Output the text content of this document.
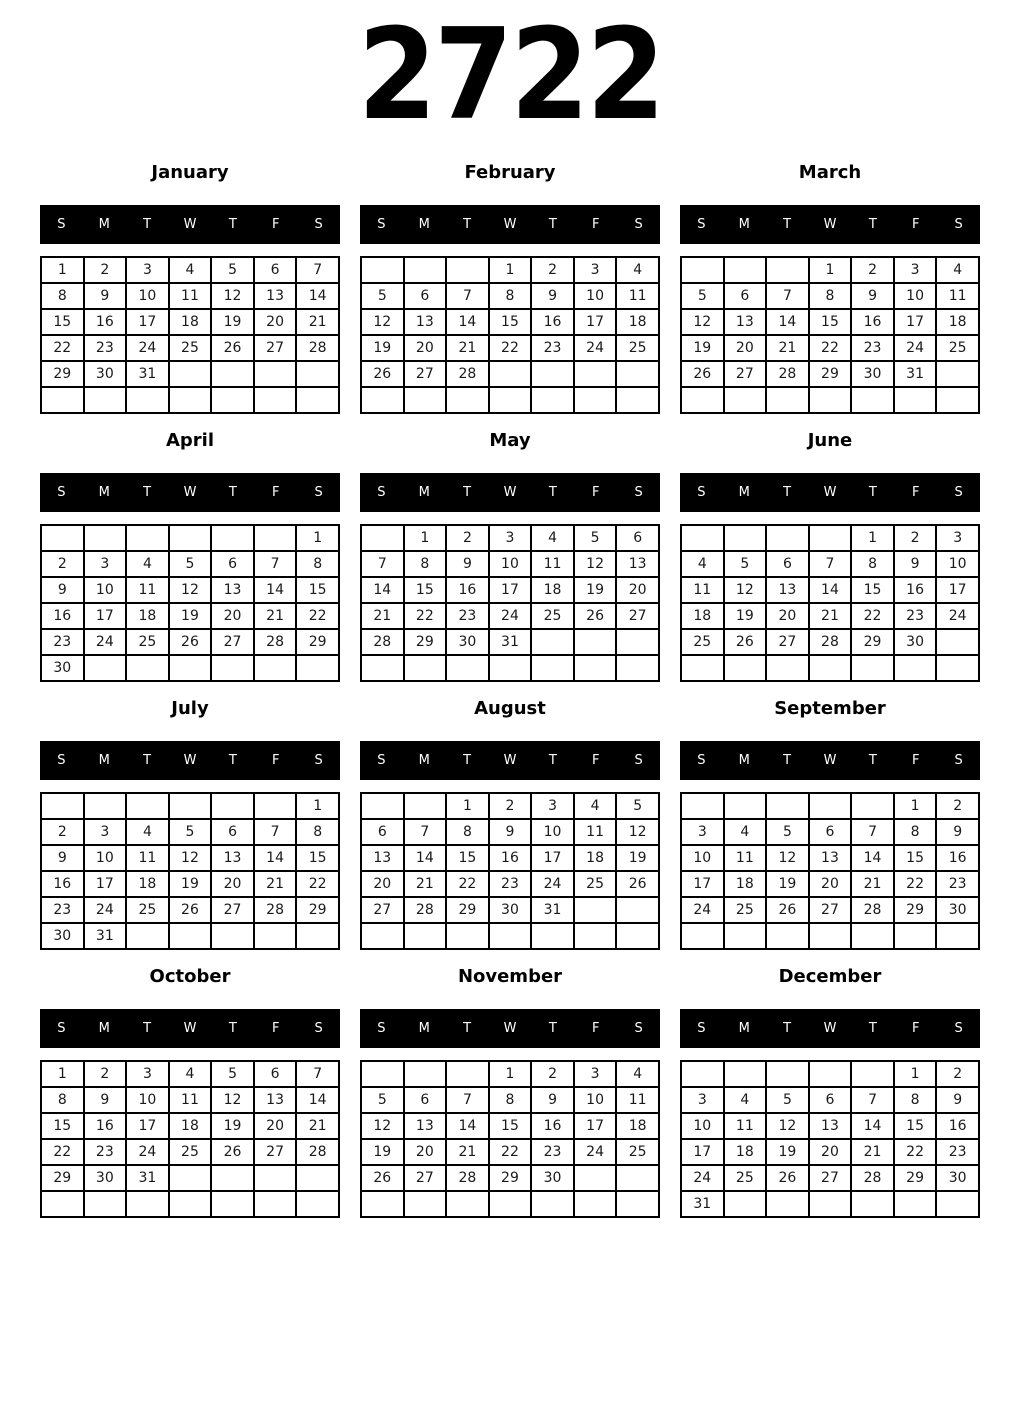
2722
January
S	M	T	W	T	F	S
1	2	3	4	5	6	7
8	9	10	11	12	13	14
15	16	17	18	19	20	21
22	23	24	25	26	27	28
29	30	31				

February
S	M	T	W	T	F	S
			1	2	3	4
5	6	7	8	9	10	11
12	13	14	15	16	17	18
19	20	21	22	23	24	25
26	27	28				

March
S	M	T	W	T	F	S
			1	2	3	4
5	6	7	8	9	10	11
12	13	14	15	16	17	18
19	20	21	22	23	24	25
26	27	28	29	30	31	

April
S	M	T	W	T	F	S
						1
2	3	4	5	6	7	8
9	10	11	12	13	14	15
16	17	18	19	20	21	22
23	24	25	26	27	28	29
30						
May
S	M	T	W	T	F	S
	1	2	3	4	5	6
7	8	9	10	11	12	13
14	15	16	17	18	19	20
21	22	23	24	25	26	27
28	29	30	31			

June
S	M	T	W	T	F	S
				1	2	3
4	5	6	7	8	9	10
11	12	13	14	15	16	17
18	19	20	21	22	23	24
25	26	27	28	29	30	

July
S	M	T	W	T	F	S
						1
2	3	4	5	6	7	8
9	10	11	12	13	14	15
16	17	18	19	20	21	22
23	24	25	26	27	28	29
30	31					
August
S	M	T	W	T	F	S
		1	2	3	4	5
6	7	8	9	10	11	12
13	14	15	16	17	18	19
20	21	22	23	24	25	26
27	28	29	30	31		

September
S	M	T	W	T	F	S
					1	2
3	4	5	6	7	8	9
10	11	12	13	14	15	16
17	18	19	20	21	22	23
24	25	26	27	28	29	30

October
S	M	T	W	T	F	S
1	2	3	4	5	6	7
8	9	10	11	12	13	14
15	16	17	18	19	20	21
22	23	24	25	26	27	28
29	30	31				

November
S	M	T	W	T	F	S
			1	2	3	4
5	6	7	8	9	10	11
12	13	14	15	16	17	18
19	20	21	22	23	24	25
26	27	28	29	30		

December
S	M	T	W	T	F	S
					1	2
3	4	5	6	7	8	9
10	11	12	13	14	15	16
17	18	19	20	21	22	23
24	25	26	27	28	29	30
31						
